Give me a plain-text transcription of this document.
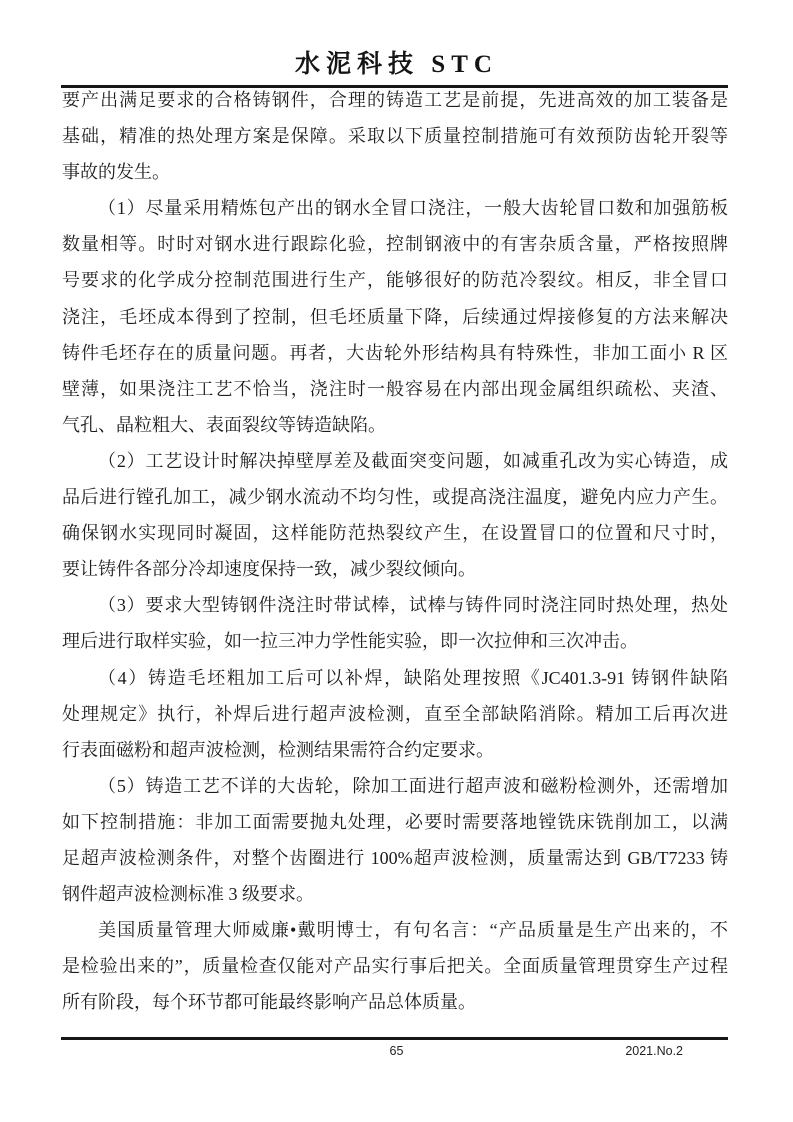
水泥科技 STC
要产出满足要求的合格铸钢件，合理的铸造工艺是前提，先进高效的加工装备是
基础，精准的热处理方案是保障。采取以下质量控制措施可有效预防齿轮开裂等
事故的发生。
（1）尽量采用精炼包产出的钢水全冒口浇注，一般大齿轮冒口数和加强筋板
数量相等。时时对钢水进行跟踪化验，控制钢液中的有害杂质含量，严格按照牌
号要求的化学成分控制范围进行生产，能够很好的防范冷裂纹。相反，非全冒口
浇注，毛坯成本得到了控制，但毛坯质量下降，后续通过焊接修复的方法来解决
铸件毛坯存在的质量问题。再者，大齿轮外形结构具有特殊性，非加工面小 R 区
壁薄，如果浇注工艺不恰当，浇注时一般容易在内部出现金属组织疏松、夹渣、
气孔、晶粒粗大、表面裂纹等铸造缺陷。
（2）工艺设计时解决掉壁厚差及截面突变问题，如减重孔改为实心铸造，成
品后进行镗孔加工，减少钢水流动不均匀性，或提高浇注温度，避免内应力产生。
确保钢水实现同时凝固，这样能防范热裂纹产生，在设置冒口的位置和尺寸时，
要让铸件各部分冷却速度保持一致，减少裂纹倾向。
（3）要求大型铸钢件浇注时带试棒，试棒与铸件同时浇注同时热处理，热处
理后进行取样实验，如一拉三冲力学性能实验，即一次拉伸和三次冲击。
（4）铸造毛坯粗加工后可以补焊，缺陷处理按照《JC401.3-91 铸钢件缺陷
处理规定》执行，补焊后进行超声波检测，直至全部缺陷消除。精加工后再次进
行表面磁粉和超声波检测，检测结果需符合约定要求。
（5）铸造工艺不详的大齿轮，除加工面进行超声波和磁粉检测外，还需增加
如下控制措施：非加工面需要抛丸处理，必要时需要落地镗铣床铣削加工，以满
足超声波检测条件，对整个齿圈进行 100%超声波检测，质量需达到 GB/T7233 铸
钢件超声波检测标准 3 级要求。
美国质量管理大师威廉•戴明博士，有句名言：“产品质量是生产出来的，不
是检验出来的”，质量检查仅能对产品实行事后把关。全面质量管理贯穿生产过程
所有阶段，每个环节都可能最终影响产品总体质量。
65	2021.No.2
